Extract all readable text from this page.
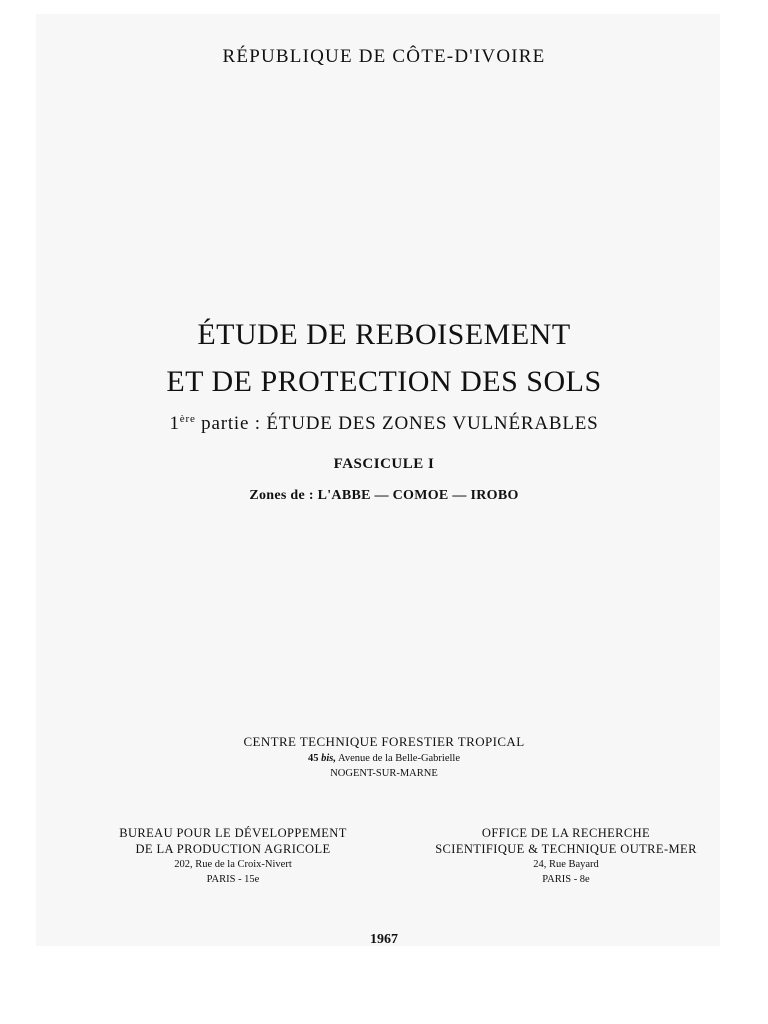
RÉPUBLIQUE DE CÔTE-D'IVOIRE
ÉTUDE DE REBOISEMENT
ET DE PROTECTION DES SOLS
1ère partie : ÉTUDE DES ZONES VULNÉRABLES
FASCICULE I
Zones de : L'ABBE — COMOE — IROBO
CENTRE TECHNIQUE FORESTIER TROPICAL
45 bis, Avenue de la Belle-Gabrielle
NOGENT-SUR-MARNE
BUREAU POUR LE DÉVELOPPEMENT
DE LA PRODUCTION AGRICOLE
202, Rue de la Croix-Nivert
PARIS - 15e
OFFICE DE LA RECHERCHE
SCIENTIFIQUE & TECHNIQUE OUTRE-MER
24, Rue Bayard
PARIS - 8e
1967
